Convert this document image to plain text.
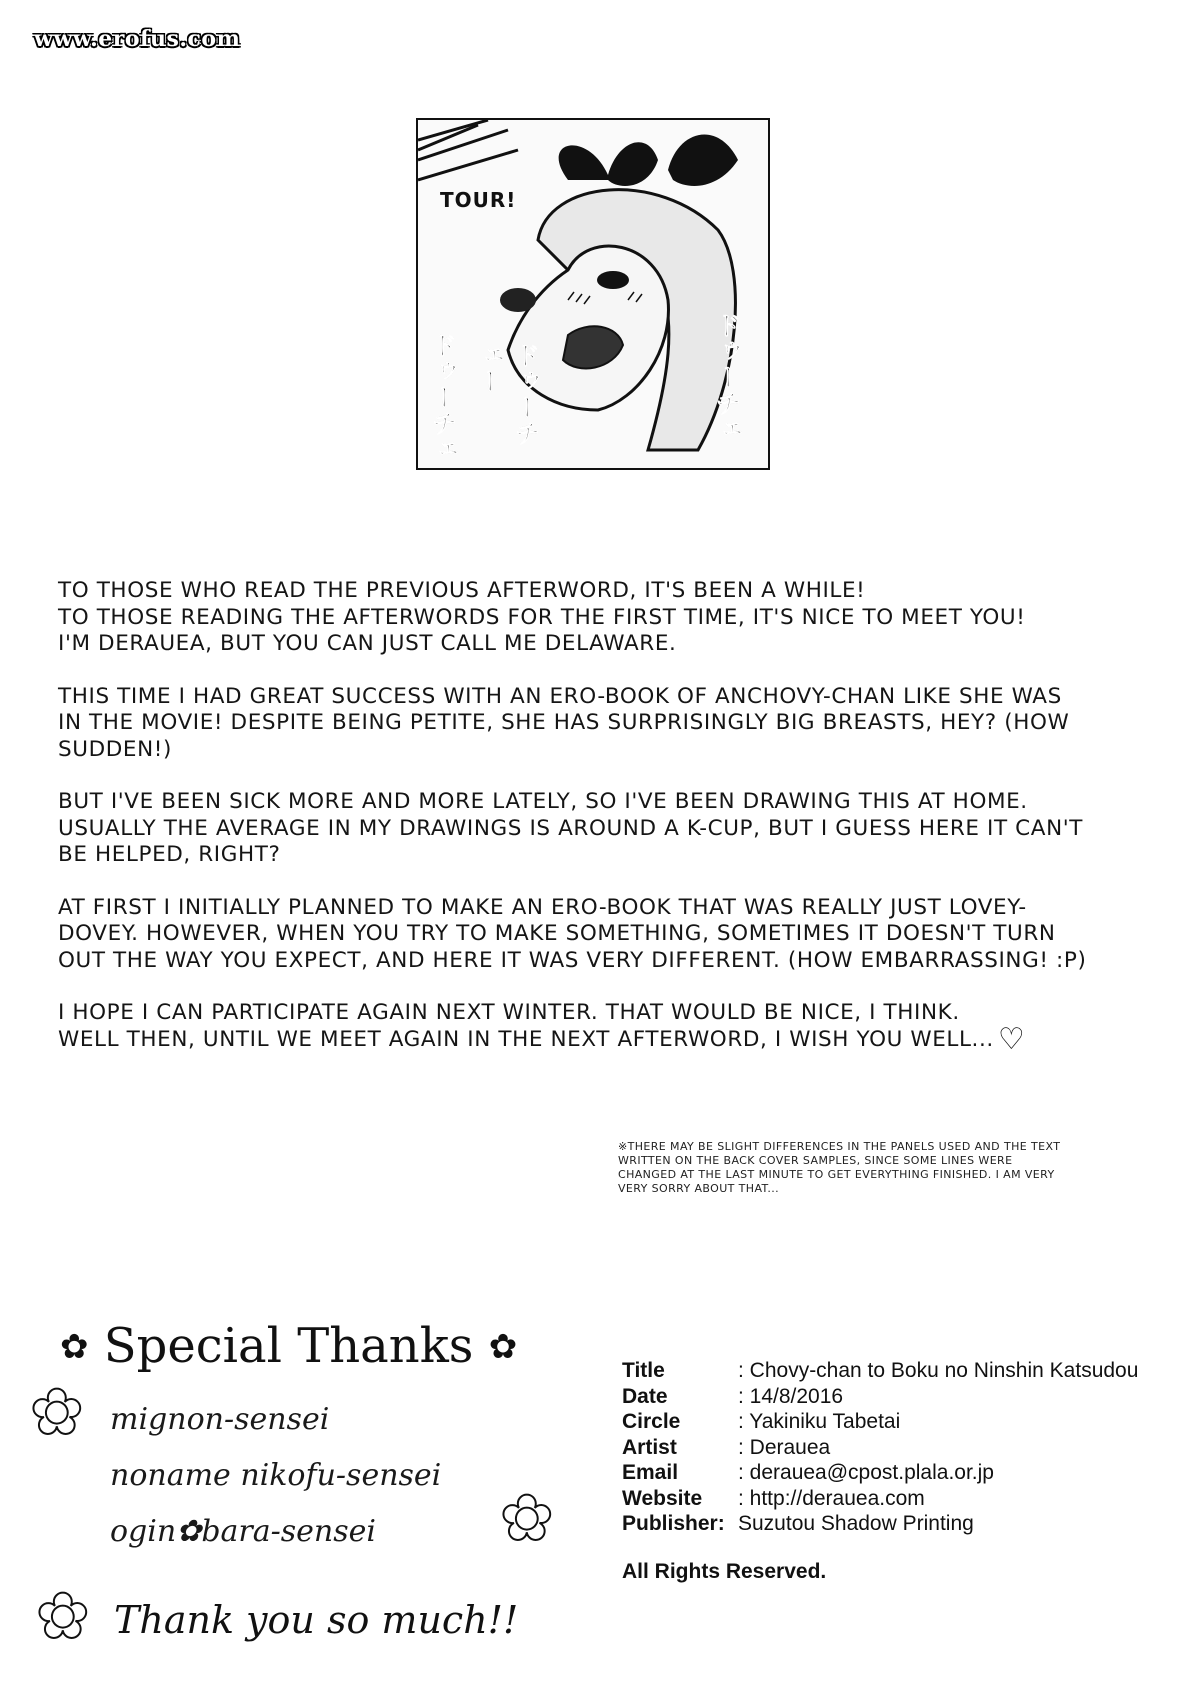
www.erofus.com
TOUR!
ドゥーチェ	ドゥーチェー	ドゥーチェ

TO THOSE WHO READ THE PREVIOUS AFTERWORD, IT'S BEEN A WHILE!
TO THOSE READING THE AFTERWORDS FOR THE FIRST TIME, IT'S NICE TO MEET YOU!
I'M DERAUEA, BUT YOU CAN JUST CALL ME DELAWARE.

THIS TIME I HAD GREAT SUCCESS WITH AN ERO-BOOK OF ANCHOVY-CHAN LIKE SHE WAS
IN THE MOVIE! DESPITE BEING PETITE, SHE HAS SURPRISINGLY BIG BREASTS, HEY? (HOW
SUDDEN!)

BUT I'VE BEEN SICK MORE AND MORE LATELY, SO I'VE BEEN DRAWING THIS AT HOME.
USUALLY THE AVERAGE IN MY DRAWINGS IS AROUND A K-CUP, BUT I GUESS HERE IT CAN'T
BE HELPED, RIGHT?

AT FIRST I INITIALLY PLANNED TO MAKE AN ERO-BOOK THAT WAS REALLY JUST LOVEY-
DOVEY. HOWEVER, WHEN YOU TRY TO MAKE SOMETHING, SOMETIMES IT DOESN'T TURN
OUT THE WAY YOU EXPECT, AND HERE IT WAS VERY DIFFERENT. (HOW EMBARRASSING! :P)

I HOPE I CAN PARTICIPATE AGAIN NEXT WINTER. THAT WOULD BE NICE, I THINK.
WELL THEN, UNTIL WE MEET AGAIN IN THE NEXT AFTERWORD, I WISH YOU WELL... ♡

※THERE MAY BE SLIGHT DIFFERENCES IN THE PANELS USED AND THE TEXT
WRITTEN ON THE BACK COVER SAMPLES, SINCE SOME LINES WERE
CHANGED AT THE LAST MINUTE TO GET EVERYTHING FINISHED. I AM VERY
VERY SORRY ABOUT THAT...
✿ Special Thanks ✿
✿
✿
✿
mignon-sensei
noname nikofu-sensei
ogin✿bara-sensei
Thank you so much!!
Title	: Chovy-chan to Boku no Ninshin Katsudou
Date	: 14/8/2016
Circle	: Yakiniku Tabetai
Artist	: Derauea
Email	: derauea@cpost.plala.or.jp
Website	: http://derauea.com
Publisher: Suzutou Shadow Printing
All Rights Reserved.
